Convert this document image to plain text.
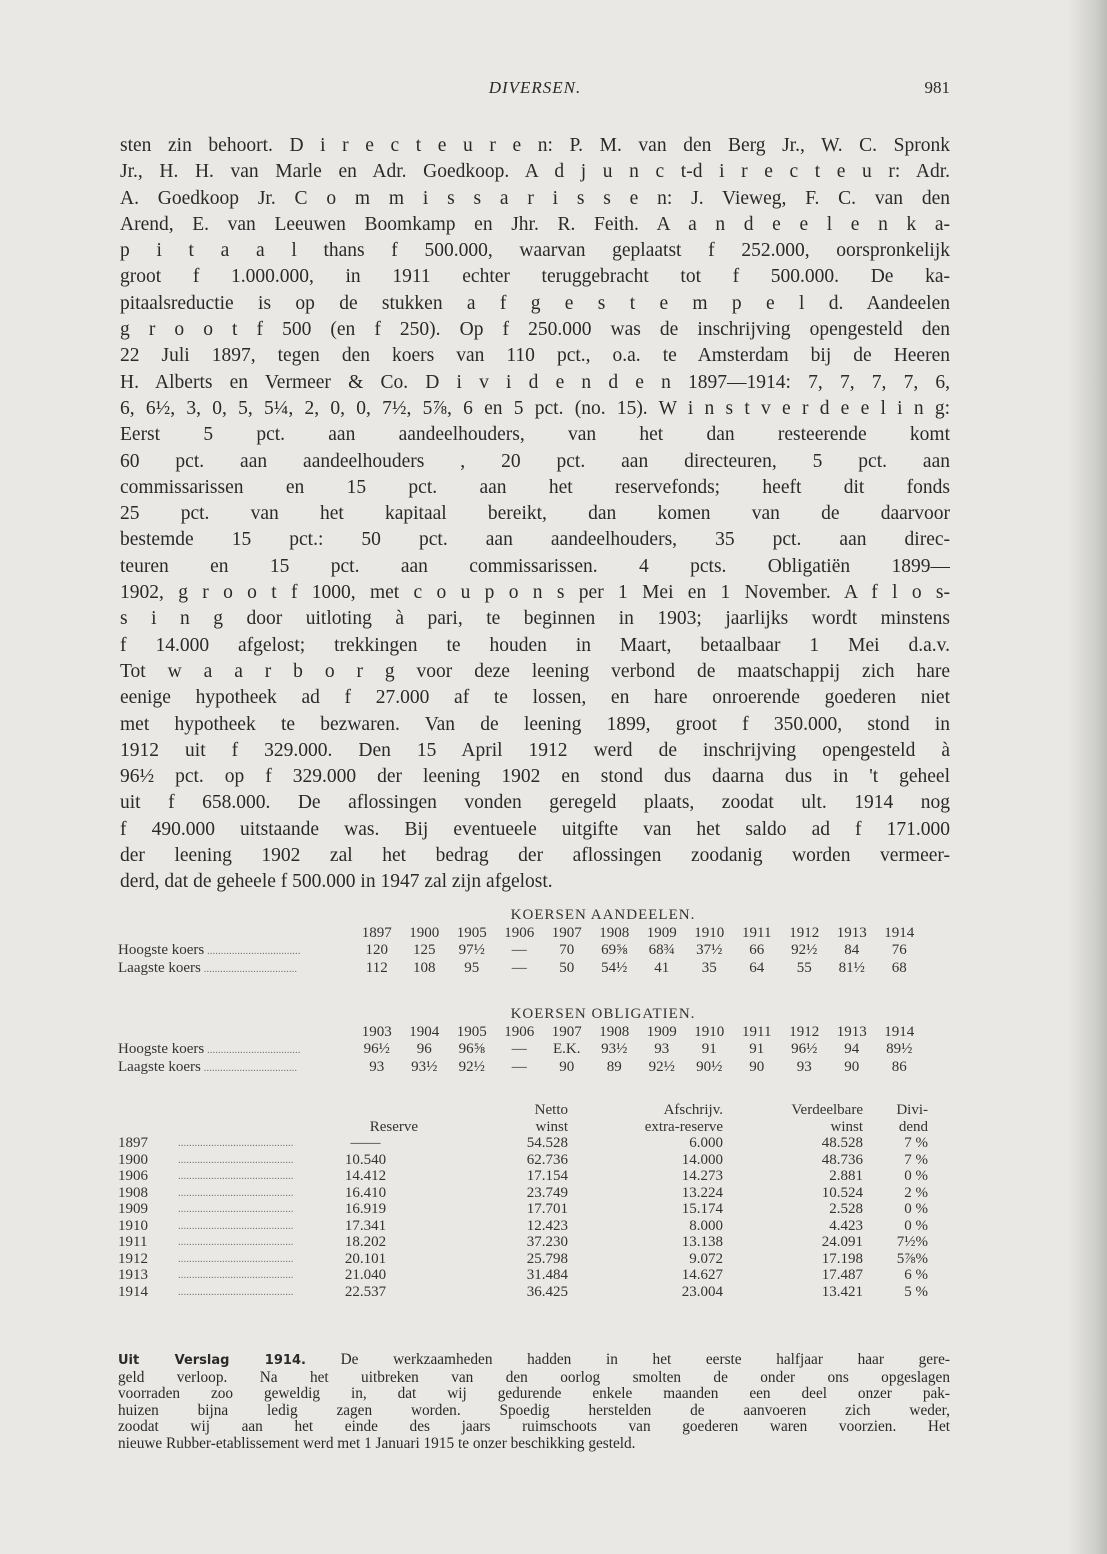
DIVERSEN.	981
sten zin behoort. D i r e c t e u r e n: P. M. van den Berg Jr., W. C. Spronk
Jr., H. H. van Marle en Adr. Goedkoop. A d j u n c t-d i r e c t e u r: Adr.
A. Goedkoop Jr. C o m m i s s a r i s s e n: J. Vieweg, F. C. van den
Arend, E. van Leeuwen Boomkamp en Jhr. R. Feith. A a n d e e l e n k a-
p i t a a l thans f 500.000, waarvan geplaatst f 252.000, oorspronkelijk
groot f 1.000.000, in 1911 echter teruggebracht tot f 500.000. De ka-
pitaalsreductie is op de stukken a f g e s t e m p e l d. Aandeelen
g r o o t f 500 (en f 250). Op f 250.000 was de inschrijving opengesteld den
22 Juli 1897, tegen den koers van 110 pct., o.a. te Amsterdam bij de Heeren
H. Alberts en Vermeer & Co. D i v i d e n d e n 1897—1914: 7, 7, 7, 7, 6,
6, 6½, 3, 0, 5, 5¼, 2, 0, 0, 7½, 5⅞, 6 en 5 pct. (no. 15). W i n s t v e r d e e l i n g:
Eerst 5 pct. aan aandeelhouders, van het dan resteerende komt
60 pct. aan aandeelhouders , 20 pct. aan directeuren, 5 pct. aan
commissarissen en 15 pct. aan het reservefonds; heeft dit fonds
25 pct. van het kapitaal bereikt, dan komen van de daarvoor
bestemde 15 pct.: 50 pct. aan aandeelhouders, 35 pct. aan direc-
teuren en 15 pct. aan commissarissen. 4 pcts. Obligatiën 1899—
1902, g r o o t f 1000, met c o u p o n s per 1 Mei en 1 November. A f l o s-
s i n g door uitloting à pari, te beginnen in 1903; jaarlijks wordt minstens
f 14.000 afgelost; trekkingen te houden in Maart, betaalbaar 1 Mei d.a.v.
Tot w a a r b o r g voor deze leening verbond de maatschappij zich hare
eenige hypotheek ad f 27.000 af te lossen, en hare onroerende goederen niet
met hypotheek te bezwaren. Van de leening 1899, groot f 350.000, stond in
1912 uit f 329.000. Den 15 April 1912 werd de inschrijving opengesteld à
96½ pct. op f 329.000 der leening 1902 en stond dus daarna dus in 't geheel
uit f 658.000. De aflossingen vonden geregeld plaats, zoodat ult. 1914 nog
f 490.000 uitstaande was. Bij eventueele uitgifte van het saldo ad f 171.000
der leening 1902 zal het bedrag der aflossingen zoodanig worden vermeer-
derd, dat de geheele f 500.000 in 1947 zal zijn afgelost.
KOERSEN AANDEELEN.
1897	1900	1905	1906	1907	1908	1909	1910	1911	1912	1913	1914
Hoogste koers ..................................	120	125	97½	—	70	69⅝	68¾	37½	66	92½	84	76
Laagste koers ..................................	112	108	95	—	50	54½	41	35	64	55	81½	68
KOERSEN OBLIGATIEN.
1903	1904	1905	1906	1907	1908	1909	1910	1911	1912	1913	1914
Hoogste koers ..................................	96½	96	96⅝	—	E.K.	93½	93	91	91	96½	94	89½
Laagste koers ..................................	93	93½	92½	—	90	89	92½	90½	90	93	90	86
Netto	Afschrijv.	Verdeelbare	Divi-
Reserve	winst	extra-reserve	winst	dend
1897	..........................................	——	54.528	6.000	48.528	7 %
1900	..........................................	10.540	62.736	14.000	48.736	7 %
1906	..........................................	14.412	17.154	14.273	2.881	0 %
1908	..........................................	16.410	23.749	13.224	10.524	2 %
1909	..........................................	16.919	17.701	15.174	2.528	0 %
1910	..........................................	17.341	12.423	8.000	4.423	0 %
1911	..........................................	18.202	37.230	13.138	24.091	7½%
1912	..........................................	20.101	25.798	9.072	17.198	5⅞%
1913	..........................................	21.040	31.484	14.627	17.487	6 %
1914	..........................................	22.537	36.425	23.004	13.421	5 %
Uit Verslag 1914. De werkzaamheden hadden in het eerste halfjaar haar gere-
geld verloop. Na het uitbreken van den oorlog smolten de onder ons opgeslagen
voorraden zoo geweldig in, dat wij gedurende enkele maanden een deel onzer pak-
huizen bijna ledig zagen worden. Spoedig herstelden de aanvoeren zich weder,
zoodat wij aan het einde des jaars ruimschoots van goederen waren voorzien. Het
nieuwe Rubber-etablissement werd met 1 Januari 1915 te onzer beschikking gesteld.
